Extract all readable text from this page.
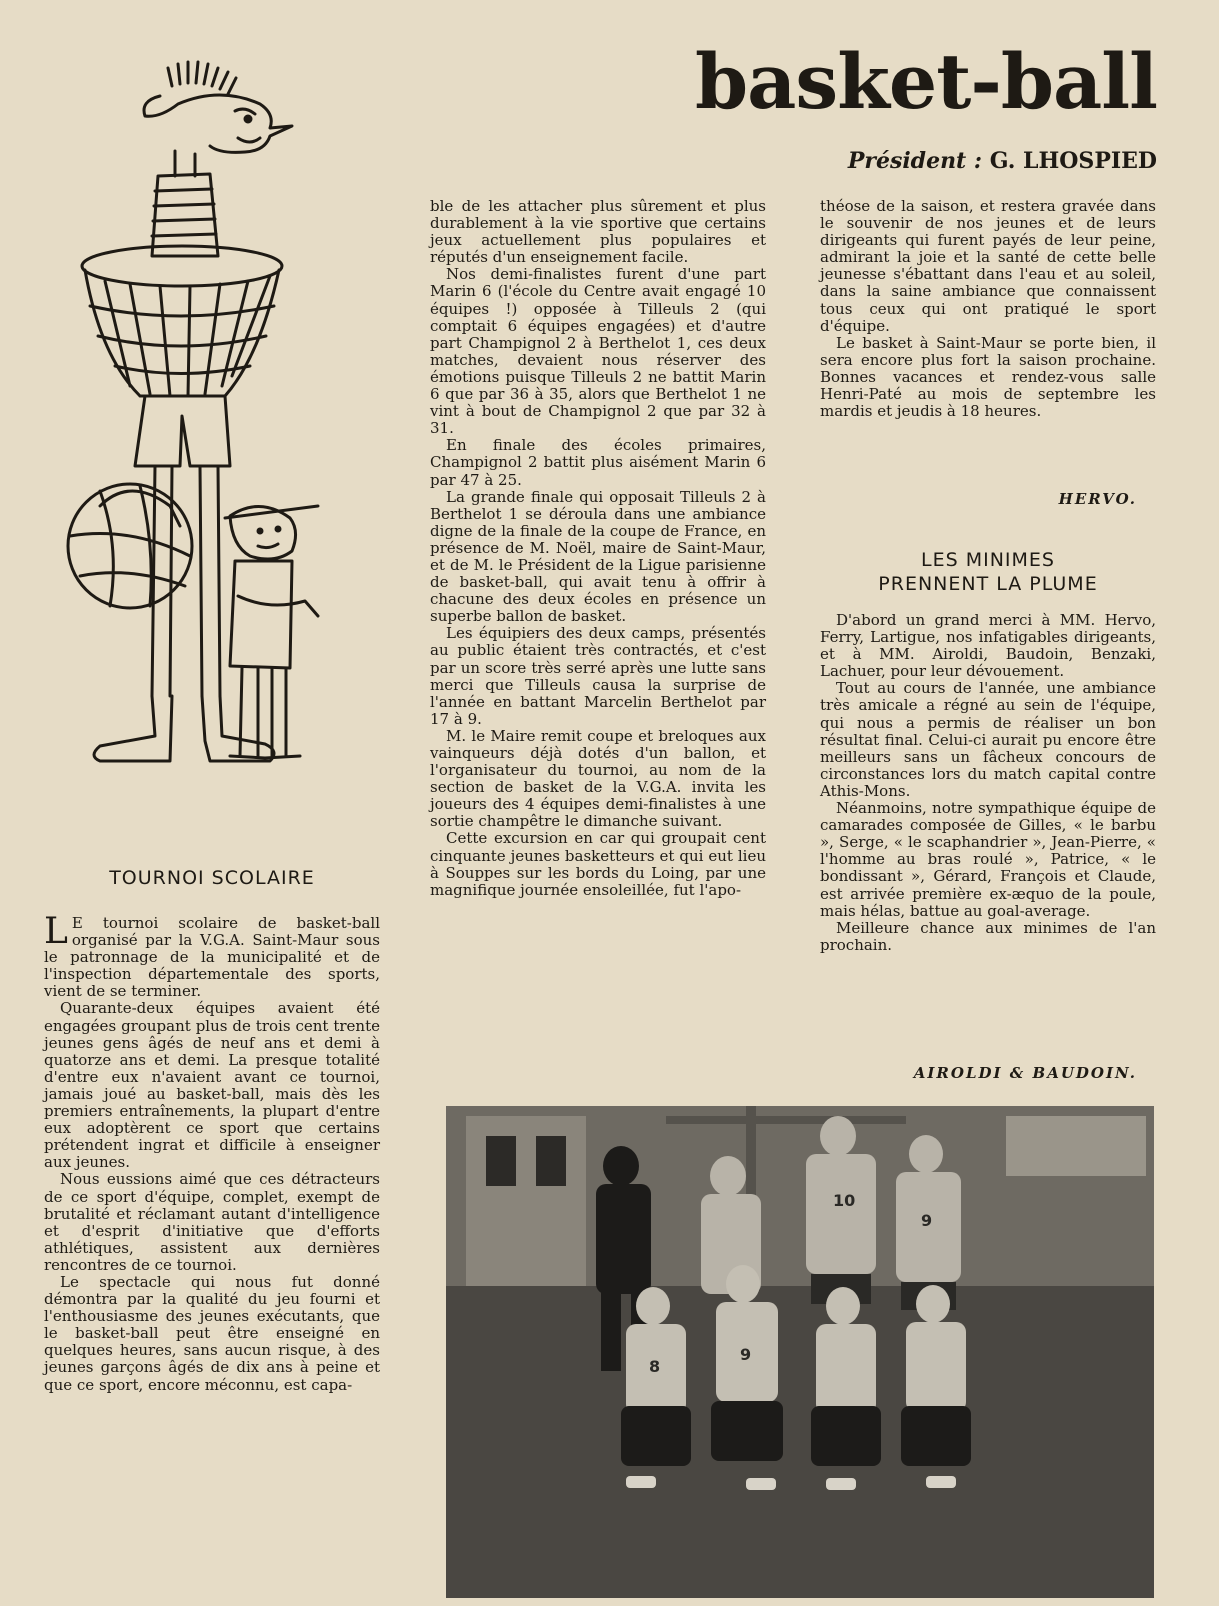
basket-ball
Président : G. LHOSPIED
TOURNOI SCOLAIRE

L E tournoi scolaire de basket-ball organisé par la V.G.A. Saint-Maur sous le patronnage de la municipalité et de l'inspection départementale des sports, vient de se terminer.

Quarante-deux équipes avaient été engagées groupant plus de trois cent trente jeunes gens âgés de neuf ans et demi à quatorze ans et demi. La presque totalité d'entre eux n'avaient avant ce tournoi, jamais joué au basket-ball, mais dès les premiers entraînements, la plupart d'entre eux adoptèrent ce sport que certains prétendent ingrat et difficile à enseigner aux jeunes.

Nous eussions aimé que ces détracteurs de ce sport d'équipe, complet, exempt de brutalité et réclamant autant d'intelligence et d'esprit d'initiative que d'efforts athlétiques, assistent aux dernières rencontres de ce tournoi.

Le spectacle qui nous fut donné démontra par la qualité du jeu fourni et l'enthousiasme des jeunes exécutants, que le basket-ball peut être enseigné en quelques heures, sans aucun risque, à des jeunes garçons âgés de dix ans à peine et que ce sport, encore méconnu, est capa-

ble de les attacher plus sûrement et plus durablement à la vie sportive que certains jeux actuellement plus populaires et réputés d'un enseignement facile.

Nos demi-finalistes furent d'une part Marin 6 (l'école du Centre avait engagé 10 équipes !) opposée à Tilleuls 2 (qui comptait 6 équipes engagées) et d'autre part Champignol 2 à Berthelot 1, ces deux matches, devaient nous réserver des émotions puisque Tilleuls 2 ne battit Marin 6 que par 36 à 35, alors que Berthelot 1 ne vint à bout de Champignol 2 que par 32 à 31.

En finale des écoles primaires, Champignol 2 battit plus aisément Marin 6 par 47 à 25.

La grande finale qui opposait Tilleuls 2 à Berthelot 1 se déroula dans une ambiance digne de la finale de la coupe de France, en présence de M. Noël, maire de Saint-Maur, et de M. le Président de la Ligue parisienne de basket-ball, qui avait tenu à offrir à chacune des deux écoles en présence un superbe ballon de basket.

Les équipiers des deux camps, présentés au public étaient très contractés, et c'est par un score très serré après une lutte sans merci que Tilleuls causa la surprise de l'année en battant Marcelin Berthelot par 17 à 9.

M. le Maire remit coupe et breloques aux vainqueurs déjà dotés d'un ballon, et l'organisateur du tournoi, au nom de la section de basket de la V.G.A. invita les joueurs des 4 équipes demi-finalistes à une sortie champêtre le dimanche suivant.

Cette excursion en car qui groupait cent cinquante jeunes basketteurs et qui eut lieu à Souppes sur les bords du Loing, par une magnifique journée ensoleillée, fut l'apo-

théose de la saison, et restera gravée dans le souvenir de nos jeunes et de leurs dirigeants qui furent payés de leur peine, admirant la joie et la santé de cette belle jeunesse s'ébattant dans l'eau et au soleil, dans la saine ambiance que connaissent tous ceux qui ont pratiqué le sport d'équipe.

Le basket à Saint-Maur se porte bien, il sera encore plus fort la saison prochaine. Bonnes vacances et rendez-vous salle Henri-Paté au mois de septembre les mardis et jeudis à 18 heures.

HERVO.
LES MINIMES
PRENNENT LA PLUME

D'abord un grand merci à MM. Hervo, Ferry, Lartigue, nos infatigables dirigeants, et à MM. Airoldi, Baudoin, Benzaki, Lachuer, pour leur dévouement.

Tout au cours de l'année, une ambiance très amicale a régné au sein de l'équipe, qui nous a permis de réaliser un bon résultat final. Celui-ci aurait pu encore être meilleurs sans un fâcheux concours de circonstances lors du match capital contre Athis-Mons.

Néanmoins, notre sympathique équipe de camarades composée de Gilles, « le barbu », Serge, « le scaphandrier », Jean-Pierre, « l'homme au bras roulé », Patrice, « le bondissant », Gérard, François et Claude, est arrivée première ex-æquo de la poule, mais hélas, battue au goal-average.

Meilleure chance aux minimes de l'an prochain.

AIROLDI & BAUDOIN.
10
9
8
9
